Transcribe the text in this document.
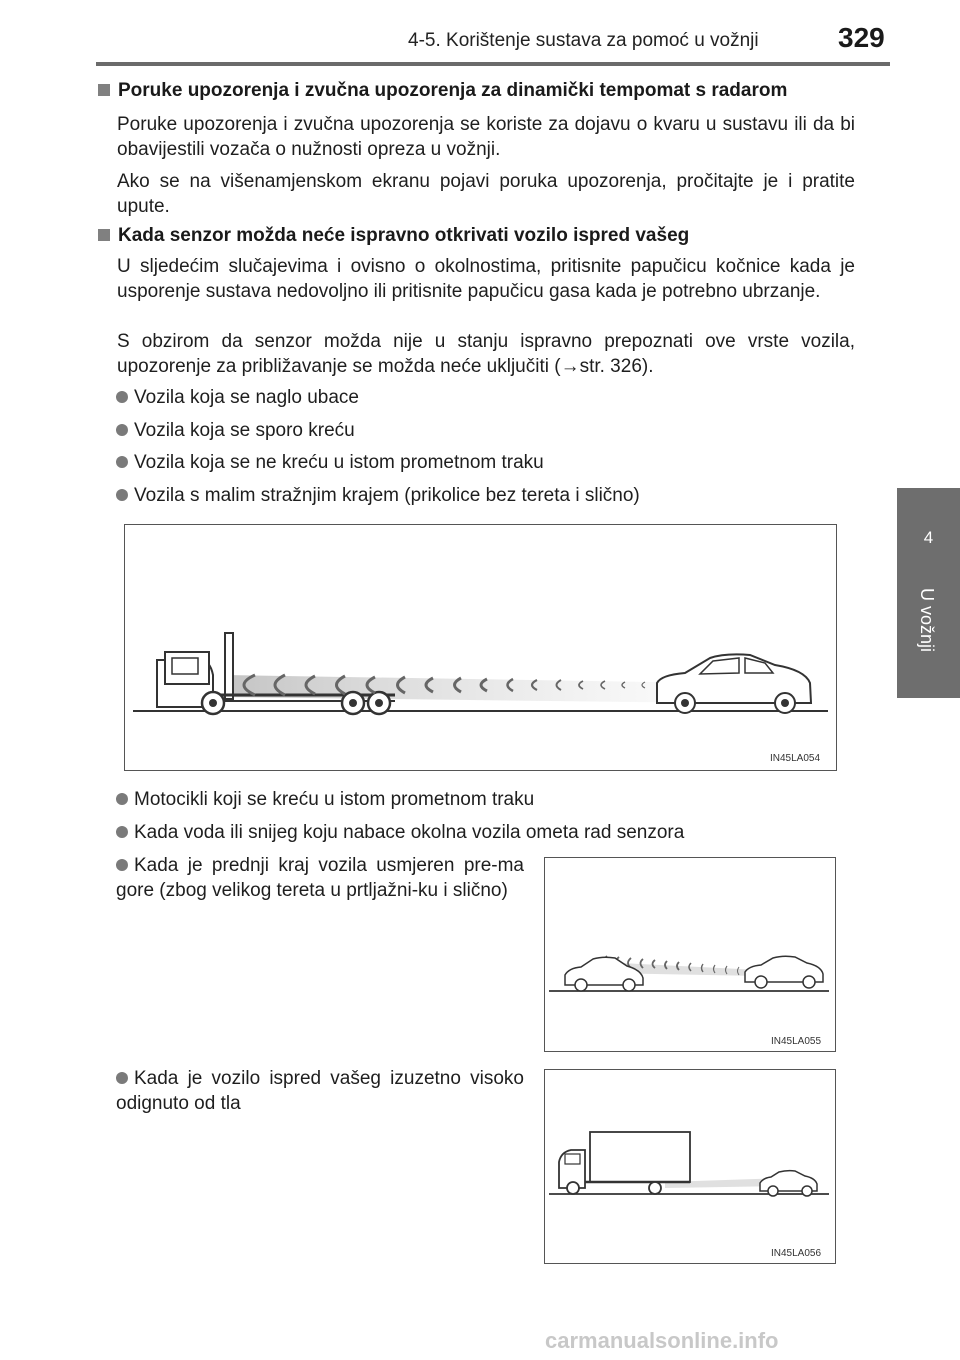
4-5. Korištenje sustava za pomoć u vožnji	329
4
U vožnji
Poruke upozorenja i zvučna upozorenja za dinamički tempomat s radarom
Poruke upozorenja i zvučna upozorenja se koriste za dojavu o kvaru u sustavu ili da bi obavijestili vozača o nužnosti opreza u vožnji.
Ako se na višenamjenskom ekranu pojavi poruka upozorenja, pročitajte je i pratite upute.
Kada senzor možda neće ispravno otkrivati vozilo ispred vašeg
U sljedećim slučajevima i ovisno o okolnostima, pritisnite papučicu kočnice kada je usporenje sustava nedovoljno ili pritisnite papučicu gasa kada je potrebno ubrzanje.
S obzirom da senzor možda nije u stanju ispravno prepoznati ove vrste vozila, upozorenje za približavanje se možda neće uključiti (→str. 326).
Vozila koja se naglo ubace
Vozila koja se sporo kreću
Vozila koja se ne kreću u istom prometnom traku
Vozila s malim stražnjim krajem (prikolice bez tereta i slično)
IN45LA054
Motocikli koji se kreću u istom prometnom traku
Kada voda ili snijeg koju nabace okolna vozila ometa rad senzora
Kada je prednji kraj vozila usmjeren pre-ma gore (zbog velikog tereta u prtljažni-ku i slično)
IN45LA055
Kada je vozilo ispred vašeg izuzetno visoko odignuto od tla
IN45LA056
carmanualsonline.info
